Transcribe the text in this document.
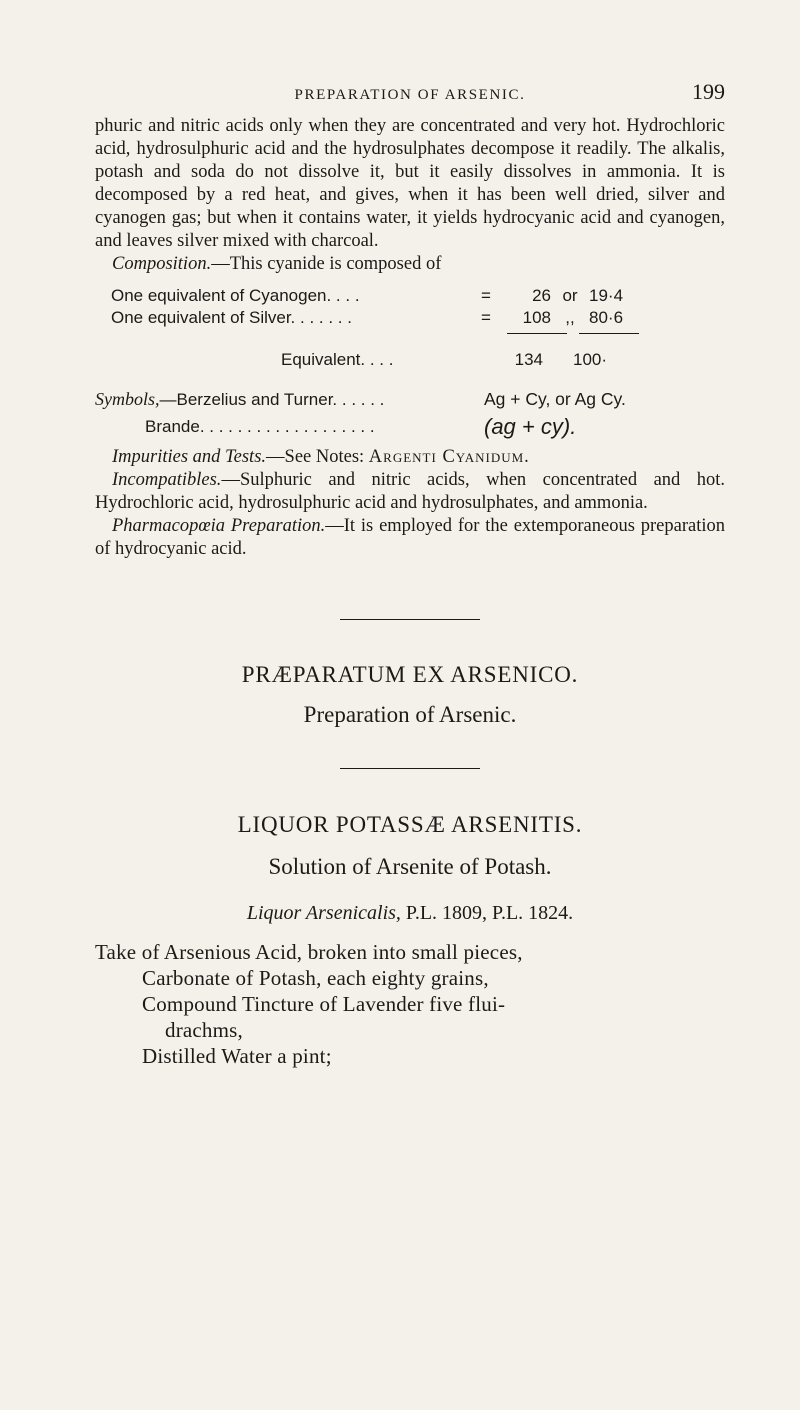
PREPARATION OF ARSENIC.	199

phuric and nitric acids only when they are concentrated and very hot. Hydrochloric acid, hydrosulphuric acid and the hydrosulphates decompose it readily. The alkalis, potash and soda do not dissolve it, but it easily dissolves in ammonia. It is decomposed by a red heat, and gives, when it has been well dried, silver and cyanogen gas; but when it contains water, it yields hydrocyanic acid and cyanogen, and leaves silver mixed with charcoal.

Composition.—This cyanide is composed of

One equivalent of Cyanogen. . . .	=	26 or 19·4
One equivalent of Silver. . . . . . .	=	108 ,, 80·6
Equivalent. . . .	134 100·
Symbols,—Berzelius and Turner. . . . . .	Ag + Cy, or Ag Cy.
Brande. . . . . . . . . . . . . . . . . . .	(ag + cy).

Impurities and Tests.—See Notes: Argenti Cyanidum.

Incompatibles.—Sulphuric and nitric acids, when concentrated and hot. Hydrochloric acid, hydrosulphuric acid and hydrosulphates, and ammonia.

Pharmacopœia Preparation.—It is employed for the extemporaneous preparation of hydrocyanic acid.

PRÆPARATUM EX ARSENICO.
Preparation of Arsenic.
LIQUOR POTASSÆ ARSENITIS.
Solution of Arsenite of Potash.
Liquor Arsenicalis, P.L. 1809, P.L. 1824.
Take of Arsenious Acid, broken into small pieces,
Carbonate of Potash, each eighty grains,
Compound Tincture of Lavender five flui-
drachms,
Distilled Water a pint;
